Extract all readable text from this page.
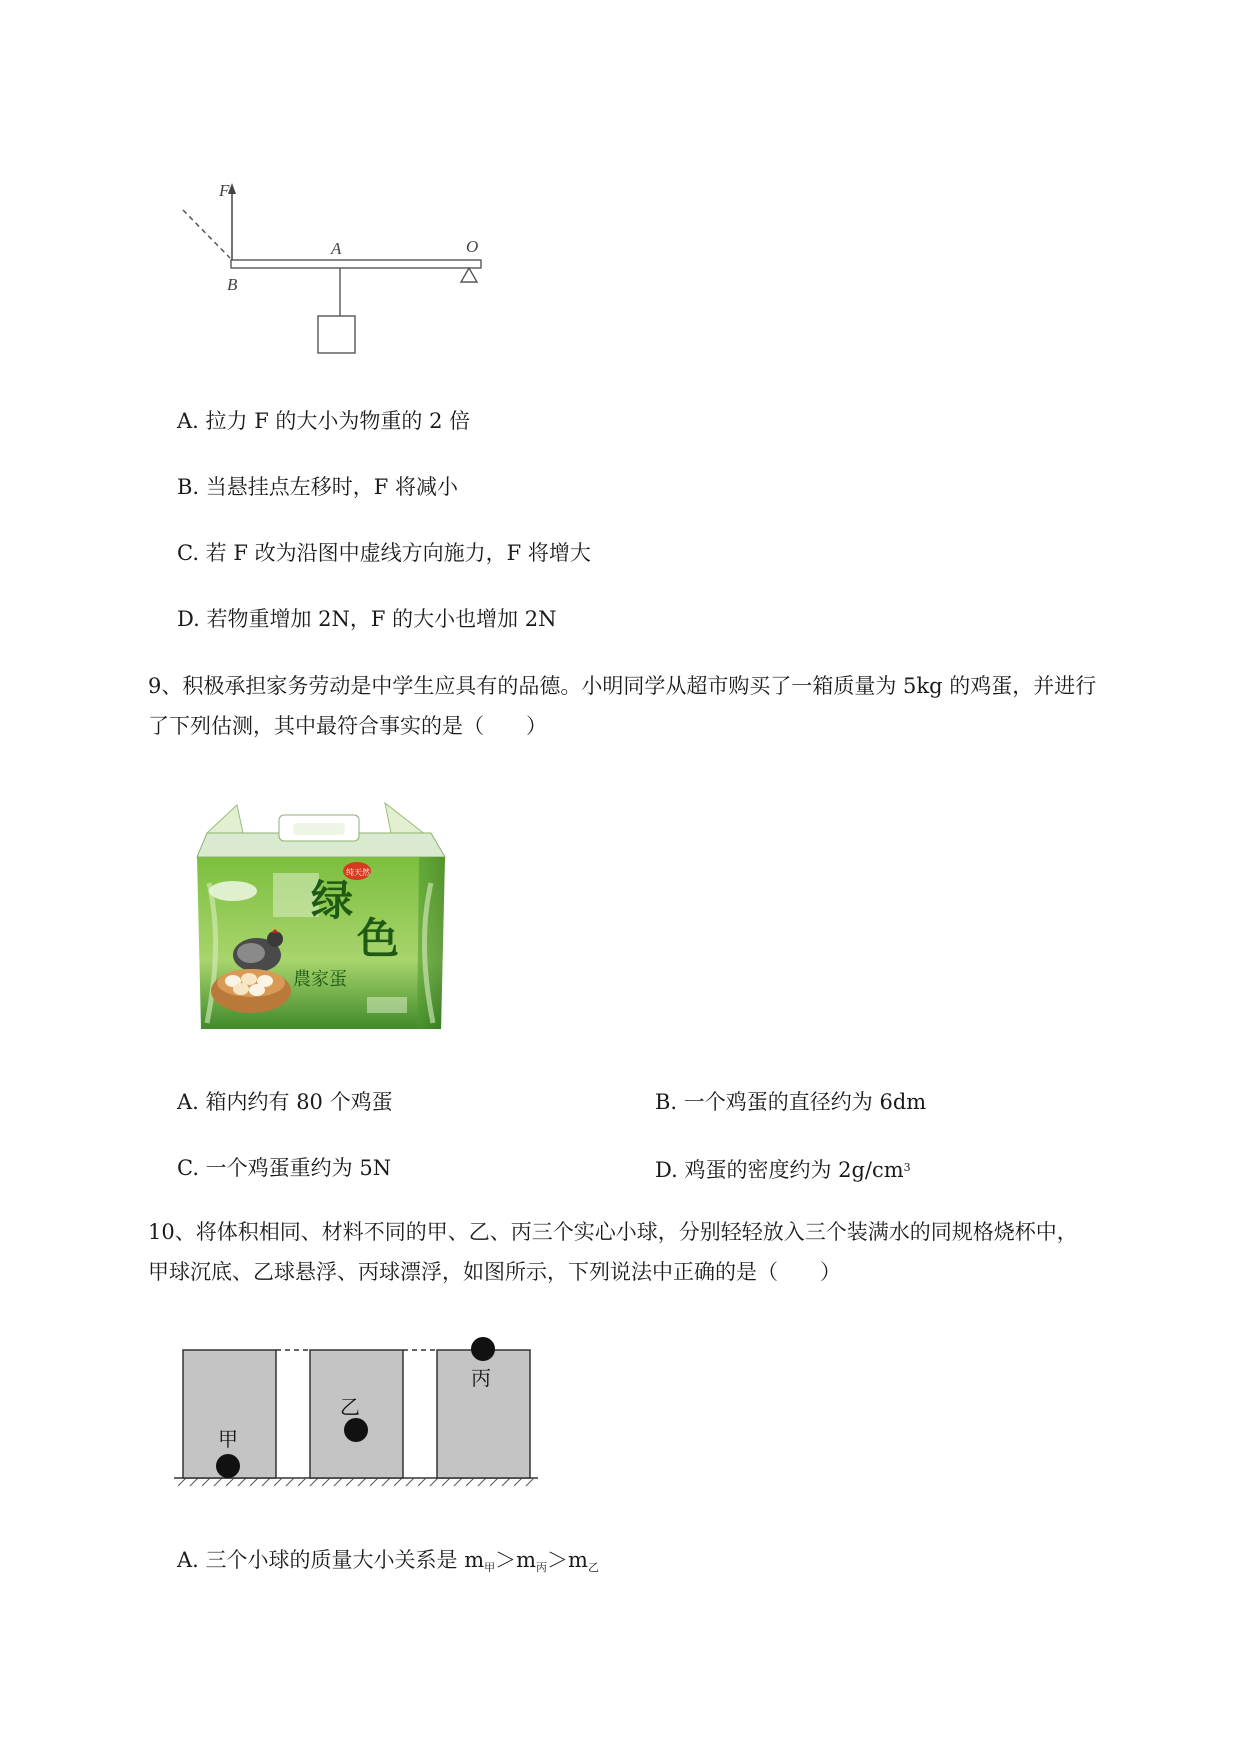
F
A	O
B
A. 拉力 F 的大小为物重的 2 倍
B. 当悬挂点左移时，F 将减小
C. 若 F 改为沿图中虚线方向施力，F 将增大
D. 若物重增加 2N，F 的大小也增加 2N
9、积极承担家务劳动是中学生应具有的品德。小明同学从超市购买了一箱质量为 5kg 的鸡蛋，并进行
了下列估测，其中最符合事实的是（　　）
纯天然
绿
色
農家蛋
A. 箱内约有 80 个鸡蛋	B. 一个鸡蛋的直径约为 6dm
C. 一个鸡蛋重约为 5N	D. 鸡蛋的密度约为 $2g/cm^3$
10、将体积相同、材料不同的甲、乙、丙三个实心小球，分别轻轻放入三个装满水的同规格烧杯中，
甲球沉底、乙球悬浮、丙球漂浮，如图所示，下列说法中正确的是（　　）
甲
乙
丙
A. 三个小球的质量大小关系是 $m_甲>m_丙>m_乙$
